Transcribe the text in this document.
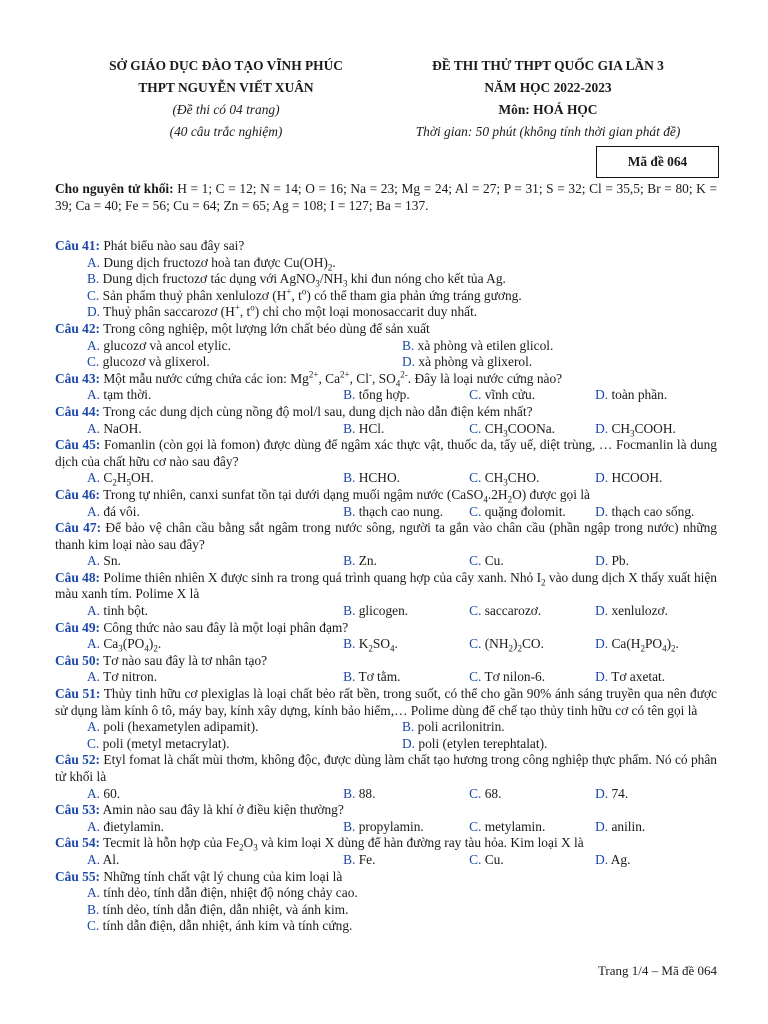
SỞ GIÁO DỤC ĐÀO TẠO VĨNH PHÚC
THPT NGUYỄN VIẾT XUÂN
(Đề thi có 04 trang)
(40 câu trắc nghiệm)
ĐỀ THI THỬ THPT QUỐC GIA LẦN 3
NĂM HỌC 2022-2023
Môn: HOÁ HỌC
Thời gian: 50 phút (không tính thời gian phát đề)
Mã đề 064
Cho nguyên tử khối: H = 1; C = 12; N = 14; O = 16; Na = 23; Mg = 24; Al = 27; P = 31; S = 32; Cl = 35,5; Br = 80; K = 39; Ca = 40; Fe = 56; Cu = 64; Zn = 65; Ag = 108; I = 127; Ba = 137.
Câu 41: Phát biểu nào sau đây sai?
A. Dung dịch fructozơ hoà tan được $Cu(OH)_2$.
B. Dung dịch fructozơ tác dụng với $AgNO_3/NH_3$ khi đun nóng cho kết tủa Ag.
C. Sản phẩm thuỷ phân xenlulozơ (H+, $t^o$) có thể tham gia phản ứng tráng gương.
D. Thuỷ phân saccarozơ (H+, $t^o$) chỉ cho một loại monosaccarit duy nhất.
Câu 42: Trong công nghiệp, một lượng lớn chất béo dùng để sản xuất
A. glucozơ và ancol etylic.	B. xà phòng và etilen glicol.
C. glucozơ và glixerol.	D. xà phòng và glixerol.
Câu 43: Một mẫu nước cứng chứa các ion: $Mg^{2+}$, $Ca^{2+}$, Cl-, $SO_4^{2-}$. Đây là loại nước cứng nào?
A. tạm thời.	B. tổng hợp.	C. vĩnh cửu.	D. toàn phần.
Câu 44: Trong các dung dịch cùng nồng độ mol/l sau, dung dịch nào dẫn điện kém nhất?
A. NaOH.	B. HCl.	C. $CH_3COONa$.	D. $CH_3COOH$.
Câu 45: Fomanlin (còn gọi là fomon) được dùng để ngâm xác thực vật, thuốc da, tẩy uế, diệt trùng, … Focmanlin là dung dịch của chất hữu cơ nào sau đây?
A. $C_2H_5OH$.	B. HCHO.	C. $CH_3CHO$.	D. HCOOH.
Câu 46: Trong tự nhiên, canxi sunfat tồn tại dưới dạng muối ngậm nước $(CaSO_4.2H_2O)$ được gọi là
A. đá vôi.	B. thạch cao nung.	C. quặng đolomit.	D. thạch cao sống.
Câu 47: Để bảo vệ chân cầu bằng sắt ngâm trong nước sông, người ta gắn vào chân cầu (phần ngập trong nước) những thanh kim loại nào sau đây?
A. Sn.	B. Zn.	C. Cu.	D. Pb.
Câu 48: Polime thiên nhiên X được sinh ra trong quá trình quang hợp của cây xanh. Nhỏ $I_2$ vào dung dịch X thấy xuất hiện màu xanh tím. Polime X là
A. tinh bột.	B. glicogen.	C. saccarozơ.	D. xenlulozơ.
Câu 49: Công thức nào sau đây là một loại phân đạm?
A. $Ca_3(PO_4)_2$.	B. $K_2SO_4$.	C. $(NH_2)_2CO$.	D. $Ca(H_2PO_4)_2$.
Câu 50: Tơ nào sau đây là tơ nhân tạo?
A. Tơ nitron.	B. Tơ tằm.	C. Tơ nilon-6.	D. Tơ axetat.
Câu 51: Thủy tinh hữu cơ plexiglas là loại chất bẻo rất bền, trong suốt, có thể cho gần 90% ánh sáng truyền qua nên được sử dụng làm kính ô tô, máy bay, kính xây dựng, kính bảo hiểm,… Polime dùng để chế tạo thủy tinh hữu cơ có tên gọi là
A. poli (hexametylen adipamit).	B. poli acrilonitrin.
C. poli (metyl metacrylat).	D. poli (etylen terephtalat).
Câu 52: Etyl fomat là chất mùi thơm, không độc, được dùng làm chất tạo hương trong công nghiệp thực phẩm. Nó có phân tử khối là
A. 60.	B. 88.	C. 68.	D. 74.
Câu 53: Amin nào sau đây là khí ở điều kiện thường?
A. đietylamin.	B. propylamin.	C. metylamin.	D. anilin.
Câu 54: Tecmit là hỗn hợp của $Fe_2O_3$ và kim loại X dùng để hàn đường ray tàu hỏa. Kim loại X là
A. Al.	B. Fe.	C. Cu.	D. Ag.
Câu 55: Những tính chất vật lý chung của kim loại là
A. tính dẻo, tính dẫn điện, nhiệt độ nóng chảy cao.
B. tính dẻo, tính dẫn điện, dẫn nhiệt, và ánh kim.
C. tính dẫn điện, dẫn nhiệt, ánh kim và tính cứng.
Trang 1/4 – Mã đề 064
